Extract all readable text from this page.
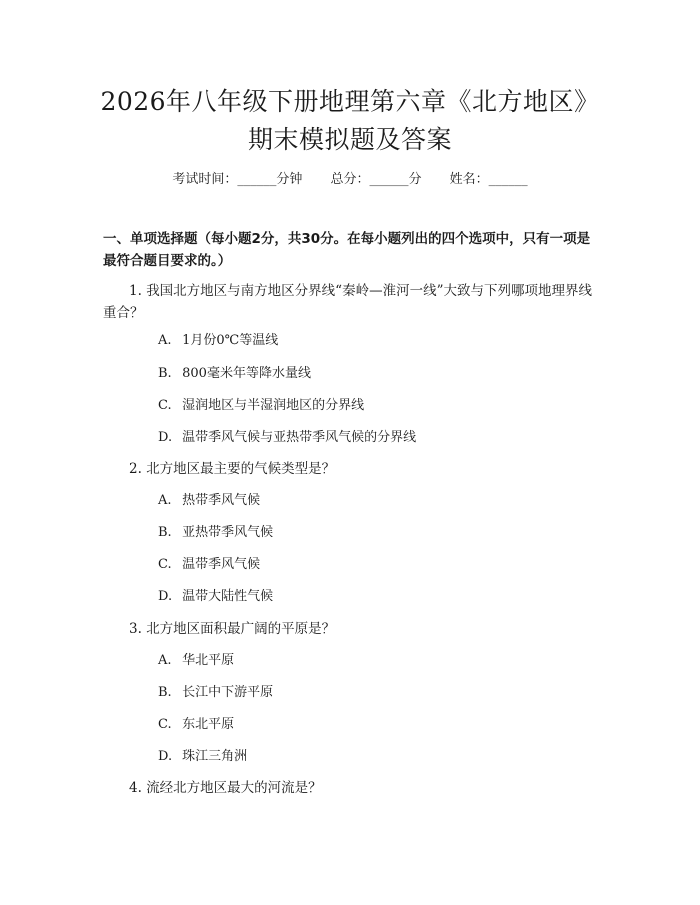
2026年八年级下册地理第六章《北方地区》
期末模拟题及答案
考试时间：______分钟 总分：______分 姓名：______
一、单项选择题（每小题2分，共30分。在每小题列出的四个选项中，只有一项是最符合题目要求的。）
1. 我国北方地区与南方地区分界线“秦岭—淮河一线”大致与下列哪项地理界线重合？
A. 1月份0℃等温线
B. 800毫米年等降水量线
C. 湿润地区与半湿润地区的分界线
D. 温带季风气候与亚热带季风气候的分界线
2. 北方地区最主要的气候类型是？
A. 热带季风气候
B. 亚热带季风气候
C. 温带季风气候
D. 温带大陆性气候
3. 北方地区面积最广阔的平原是？
A. 华北平原
B. 长江中下游平原
C. 东北平原
D. 珠江三角洲
4. 流经北方地区最大的河流是？
